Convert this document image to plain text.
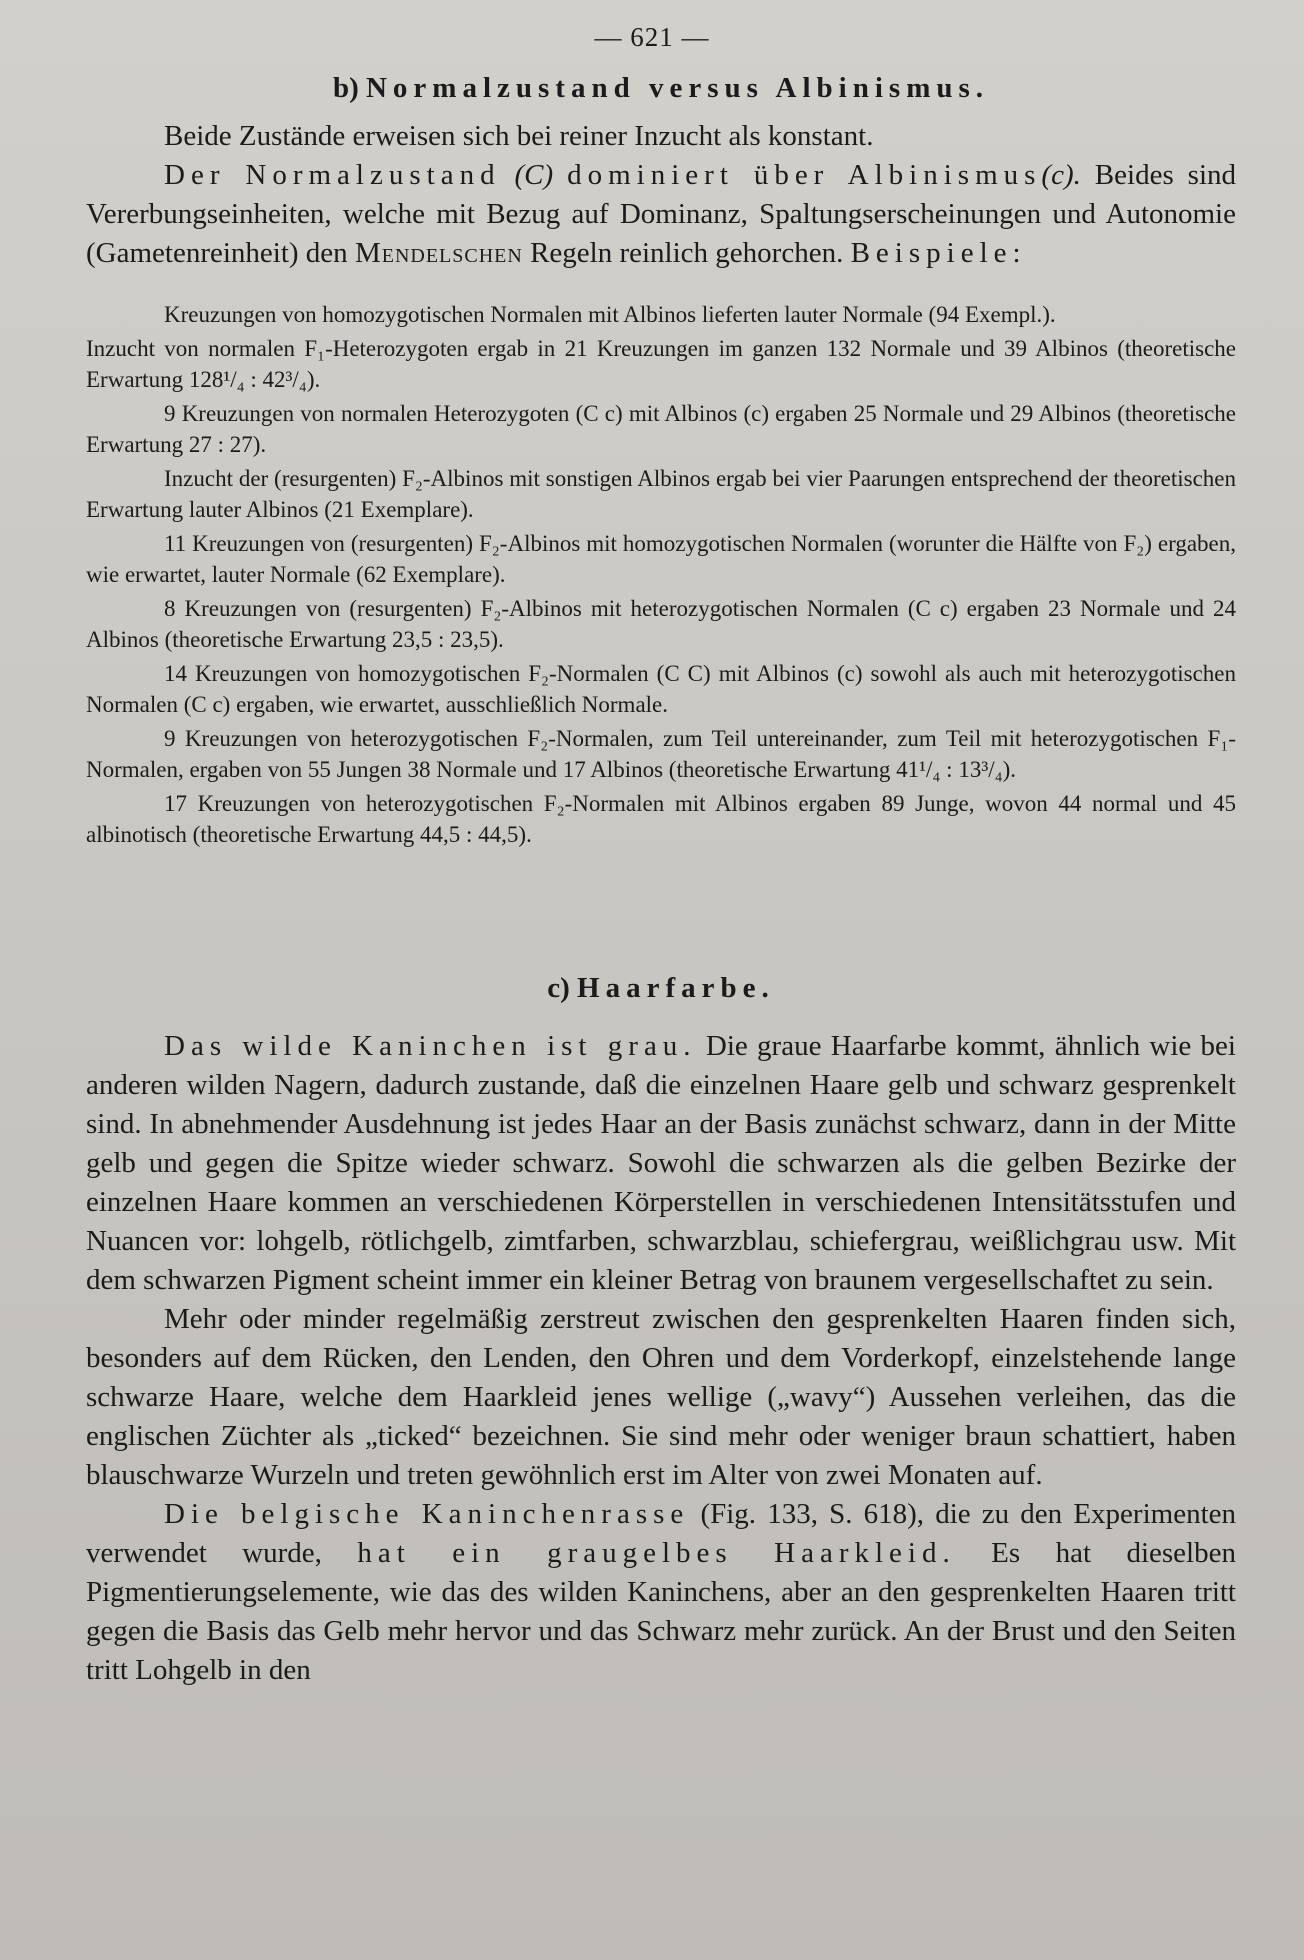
— 621 —
b) Normalzustand versus Albinismus.

Beide Zustände erweisen sich bei reiner Inzucht als konstant.

Der Normalzustand (C) dominiert über Albinismus(c). Beides sind Vererbungseinheiten, welche mit Bezug auf Dominanz, Spaltungserscheinungen und Autonomie (Gametenreinheit) den Mendelschen Regeln reinlich gehorchen. Beispiele:

Kreuzungen von homozygotischen Normalen mit Albinos lieferten lauter Normale (94 Exempl.).

Inzucht von normalen F₁-Heterozygoten ergab in 21 Kreuzungen im ganzen 132 Normale und 39 Albinos (theoretische Erwartung 128¹/₄ : 42³/₄).

9 Kreuzungen von normalen Heterozygoten (C c) mit Albinos (c) ergaben 25 Normale und 29 Albinos (theoretische Erwartung 27 : 27).

Inzucht der (resurgenten) F₂-Albinos mit sonstigen Albinos ergab bei vier Paarungen entsprechend der theoretischen Erwartung lauter Albinos (21 Exemplare).

11 Kreuzungen von (resurgenten) F₂-Albinos mit homozygotischen Normalen (worunter die Hälfte von F₂) ergaben, wie erwartet, lauter Normale (62 Exemplare).

8 Kreuzungen von (resurgenten) F₂-Albinos mit heterozygotischen Normalen (C c) ergaben 23 Normale und 24 Albinos (theoretische Erwartung 23,5 : 23,5).

14 Kreuzungen von homozygotischen F₂-Normalen (C C) mit Albinos (c) sowohl als auch mit heterozygotischen Normalen (C c) ergaben, wie erwartet, ausschließlich Normale.

9 Kreuzungen von heterozygotischen F₂-Normalen, zum Teil untereinander, zum Teil mit heterozygotischen F₁-Normalen, ergaben von 55 Jungen 38 Normale und 17 Albinos (theoretische Erwartung 41¹/₄ : 13³/₄).

17 Kreuzungen von heterozygotischen F₂-Normalen mit Albinos ergaben 89 Junge, wovon 44 normal und 45 albinotisch (theoretische Erwartung 44,5 : 44,5).

c) Haarfarbe.

Das wilde Kaninchen ist grau. Die graue Haarfarbe kommt, ähnlich wie bei anderen wilden Nagern, dadurch zustande, daß die einzelnen Haare gelb und schwarz gesprenkelt sind. In abnehmender Ausdehnung ist jedes Haar an der Basis zunächst schwarz, dann in der Mitte gelb und gegen die Spitze wieder schwarz. Sowohl die schwarzen als die gelben Bezirke der einzelnen Haare kommen an verschiedenen Körperstellen in verschiedenen Intensitätsstufen und Nuancen vor: lohgelb, rötlichgelb, zimtfarben, schwarzblau, schiefergrau, weißlichgrau usw. Mit dem schwarzen Pigment scheint immer ein kleiner Betrag von braunem vergesellschaftet zu sein.

Mehr oder minder regelmäßig zerstreut zwischen den gesprenkelten Haaren finden sich, besonders auf dem Rücken, den Lenden, den Ohren und dem Vorderkopf, einzelstehende lange schwarze Haare, welche dem Haarkleid jenes wellige („wavy“) Aussehen verleihen, das die englischen Züchter als „ticked“ bezeichnen. Sie sind mehr oder weniger braun schattiert, haben blauschwarze Wurzeln und treten gewöhnlich erst im Alter von zwei Monaten auf.

Die belgische Kaninchenrasse (Fig. 133, S. 618), die zu den Experimenten verwendet wurde, hat ein graugelbes Haarkleid. Es hat dieselben Pigmentierungselemente, wie das des wilden Kaninchens, aber an den gesprenkelten Haaren tritt gegen die Basis das Gelb mehr hervor und das Schwarz mehr zurück. An der Brust und den Seiten tritt Lohgelb in den
